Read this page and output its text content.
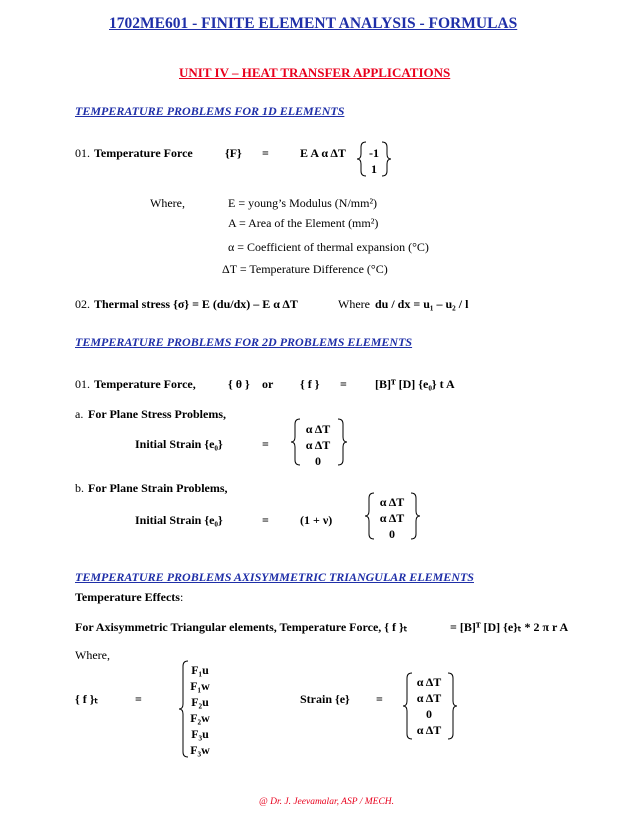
1702ME601 - FINITE ELEMENT ANALYSIS - FORMULAS
UNIT IV – HEAT TRANSFER APPLICATIONS
TEMPERATURE PROBLEMS FOR 1D ELEMENTS
01. Temperature Force	{F} =	E A α ΔT	-1
1
Where,	E = young’s Modulus (N/mm²)
A = Area of the Element (mm²)
α = Coefficient of thermal expansion (°C)
ΔT = Temperature Difference (°C)
02. Thermal stress {σ} = E (du/dx) – E α ΔT	Where du / dx = u₁ – u₂ / l
TEMPERATURE PROBLEMS FOR 2D PROBLEMS ELEMENTS
01. Temperature Force,	{ θ } or { f } = [B]ᵀ [D] {e₀} t A
a. For Plane Stress Problems,
Initial Strain {e₀}	=
α ΔT
α ΔT
0
b. For Plane Strain Problems,
Initial Strain {e₀}	=	(1 + ν)
α ΔT
α ΔT
0
TEMPERATURE PROBLEMS AXISYMMETRIC TRIANGULAR ELEMENTS
Temperature Effects:
For Axisymmetric Triangular elements, Temperature Force, { f }ₜ	= [B]ᵀ [D] {e}ₜ * 2 π r A
Where,
{ f }ₜ	=
F₁u
F₁w
F₂u
F₂w
F₃u
F₃w
Strain {e} =
α ΔT
α ΔT
0
α ΔT
@ Dr. J. Jeevamalar, ASP / MECH.
